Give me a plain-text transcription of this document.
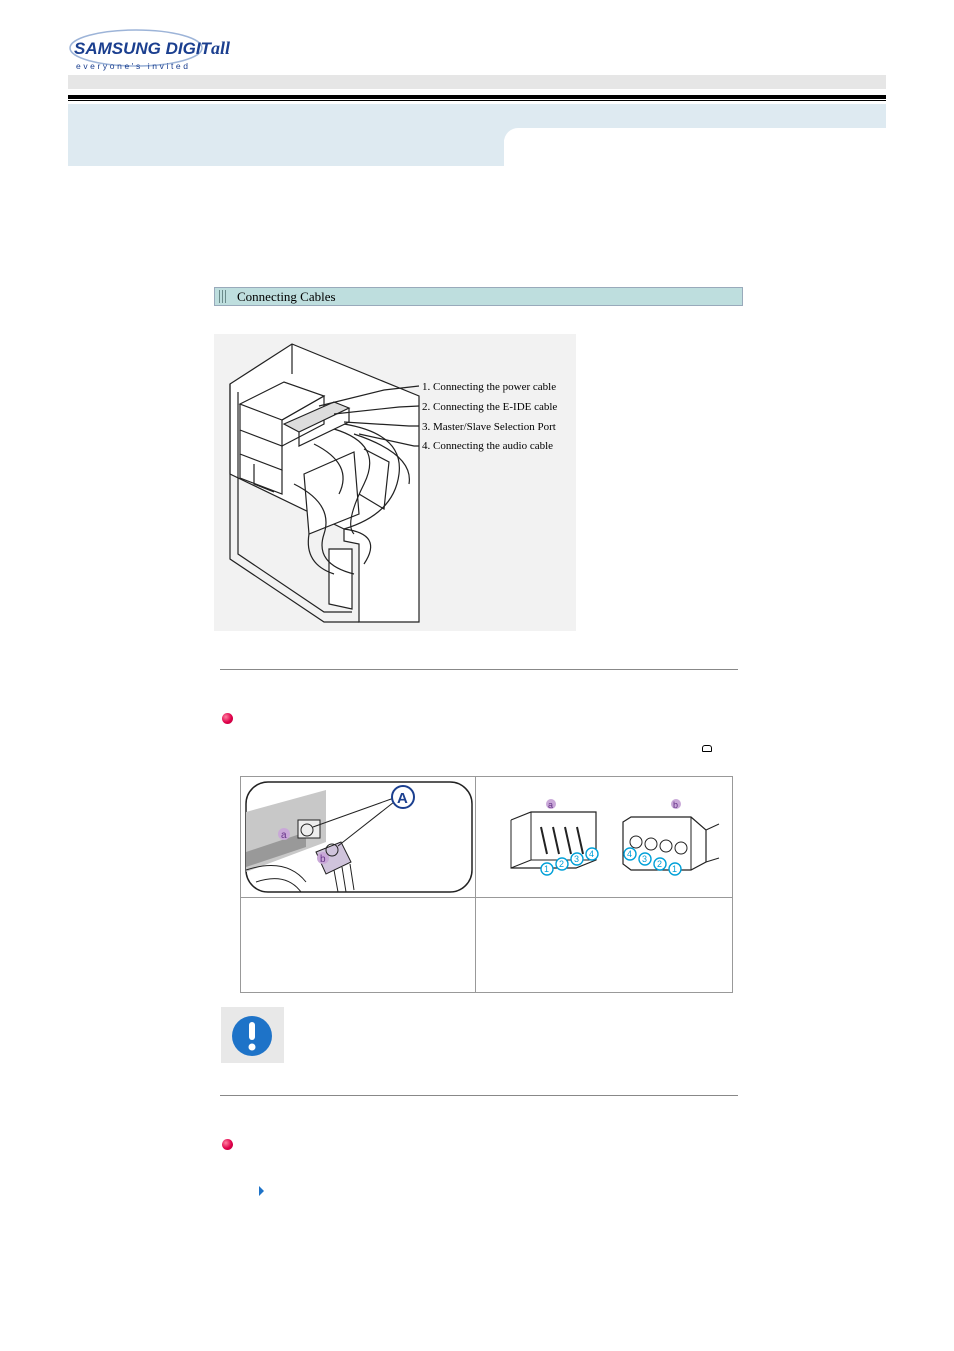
SAMSUNG DIGITall
everyone's invited
Connecting Cables
1. Connecting the power cable
2. Connecting the E-IDE cable
3. Master/Slave Selection Port
4. Connecting the audio cable
a
b
A	a
1 2 3 4
b
4 3 2 1
